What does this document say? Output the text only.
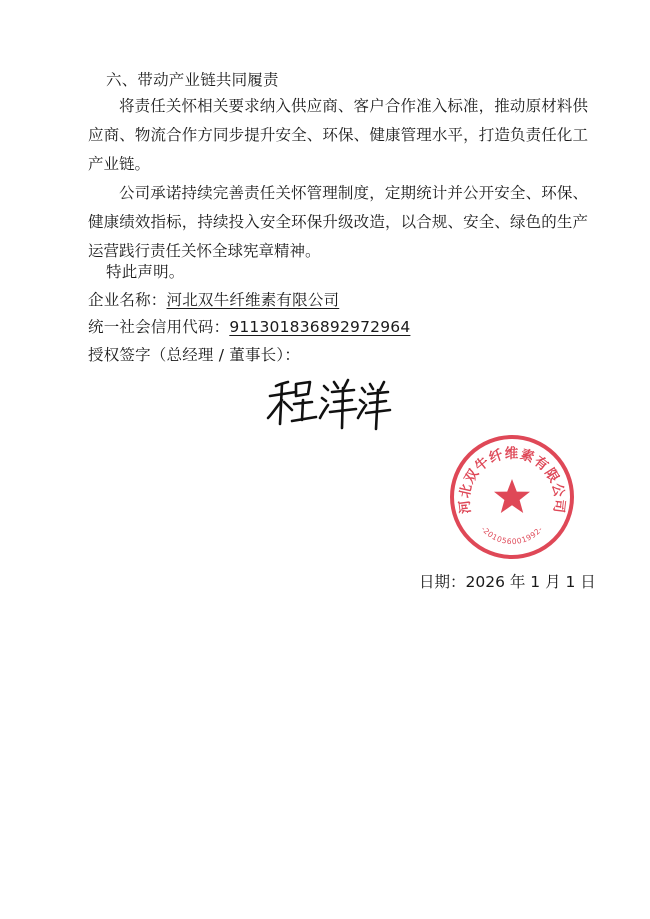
六、带动产业链共同履责

将责任关怀相关要求纳入供应商、客户合作准入标准，推动原材料供应商、物流合作方同步提升安全、环保、健康管理水平，打造负责任化工产业链。

公司承诺持续完善责任关怀管理制度，定期统计并公开安全、环保、健康绩效指标，持续投入安全环保升级改造，以合规、安全、绿色的生产运营践行责任关怀全球宪章精神。

特此声明。
企业名称：河北双牛纤维素有限公司
统一社会信用代码：91130183689297296​4
授权签字（总经理 / 董事长）：
河北双牛纤维素有限公司
-201056001992-
日期：2026 年 1 月 1 日
